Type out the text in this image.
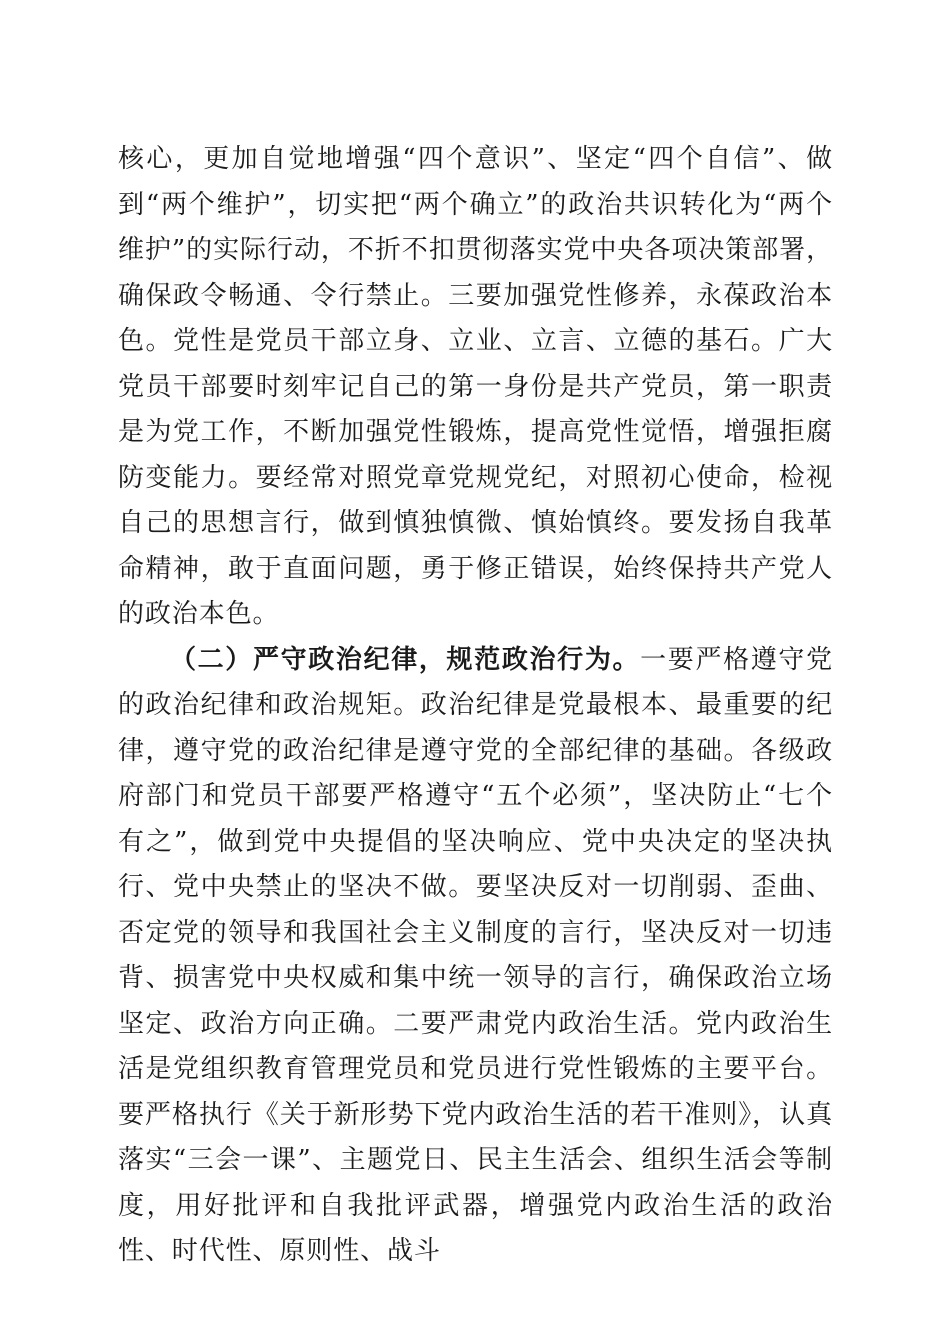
核心，更加自觉地增强“四个意识”、坚定“四个自信”、做到“两个维护”，切实把“两个确立”的政治共识转化为“两个维护”的实际行动，不折不扣贯彻落实党中央各项决策部署，确保政令畅通、令行禁止。三要加强党性修养，永葆政治本色。党性是党员干部立身、立业、立言、立德的基石。广大党员干部要时刻牢记自己的第一身份是共产党员，第一职责是为党工作，不断加强党性锻炼，提高党性觉悟，增强拒腐防变能力。要经常对照党章党规党纪，对照初心使命，检视自己的思想言行，做到慎独慎微、慎始慎终。要发扬自我革命精神，敢于直面问题，勇于修正错误，始终保持共产党人的政治本色。

（二）严守政治纪律，规范政治行为。一要严格遵守党的政治纪律和政治规矩。政治纪律是党最根本、最重要的纪律，遵守党的政治纪律是遵守党的全部纪律的基础。各级政府部门和党员干部要严格遵守“五个必须”，坚决防止“七个有之”，做到党中央提倡的坚决响应、党中央决定的坚决执行、党中央禁止的坚决不做。要坚决反对一切削弱、歪曲、否定党的领导和我国社会主义制度的言行，坚决反对一切违背、损害党中央权威和集中统一领导的言行，确保政治立场坚定、政治方向正确。二要严肃党内政治生活。党内政治生活是党组织教育管理党员和党员进行党性锻炼的主要平台。要严格执行《关于新形势下党内政治生活的若干准则》，认真落实“三会一课”、主题党日、民主生活会、组织生活会等制度，用好批评和自我批评武器，增强党内政治生活的政治性、时代性、原则性、战斗
